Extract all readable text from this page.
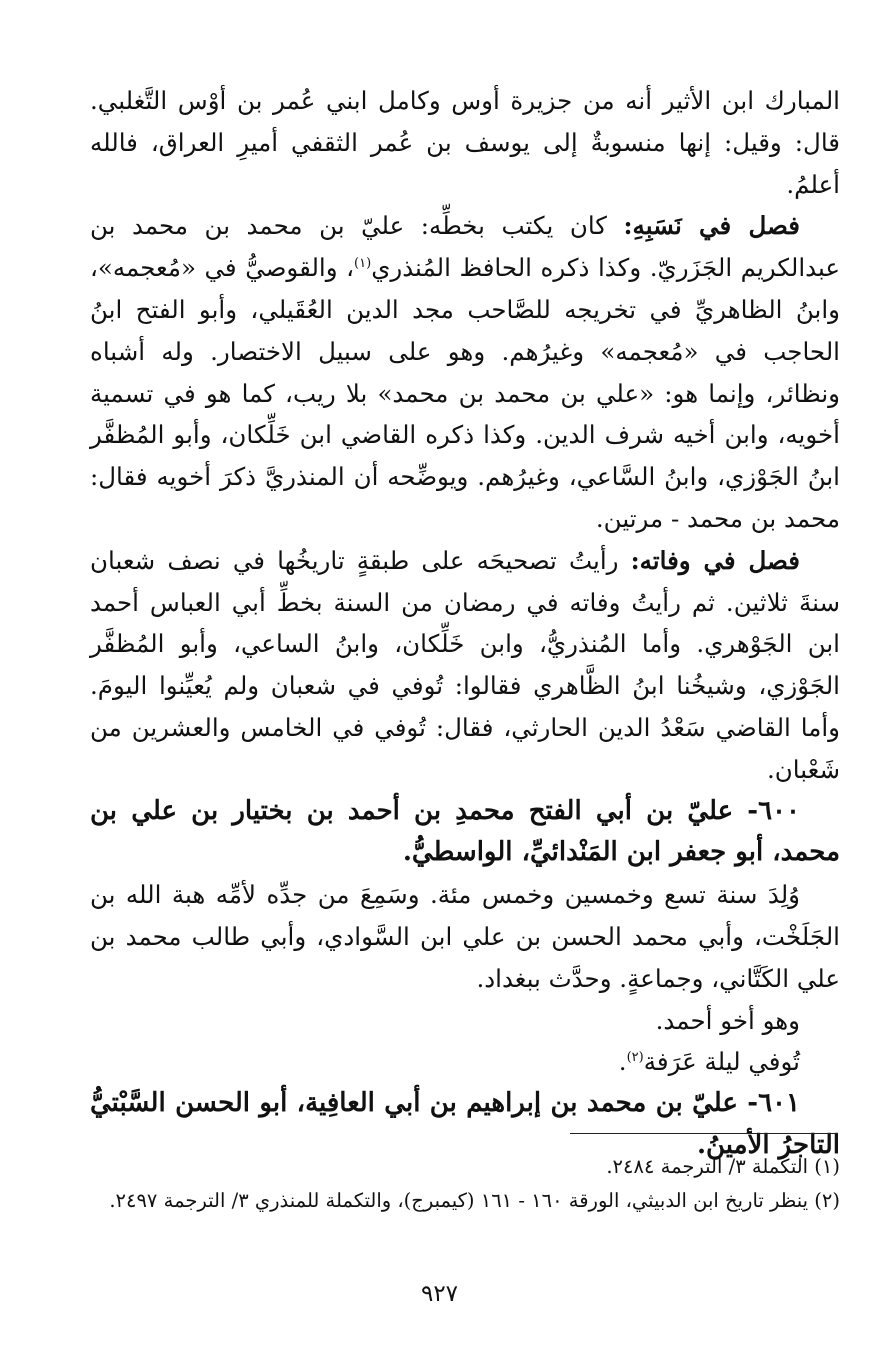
المبارك ابن الأثير أنه من جزيرة أوس وكامل ابني عُمر بن أوْس التَّغلبي. قال: وقيل: إنها منسوبةٌ إلى يوسف بن عُمر الثقفي أميرِ العراق، فالله أعلمُ.

فصل في نَسَبِهِ: كان يكتب بخطِّه: عليّ بن محمد بن محمد بن عبدالكريم الجَزَريّ. وكذا ذكره الحافظ المُنذري$^{(١)}$، والقوصيُّ في «مُعجمه»، وابنُ الظاهريِّ في تخريجه للصَّاحب مجد الدين العُقَيلي، وأبو الفتح ابنُ الحاجب في «مُعجمه» وغيرُهم. وهو على سبيل الاختصار. وله أشباه ونظائر، وإنما هو: «علي بن محمد بن محمد» بلا ريب، كما هو في تسمية أخويه، وابن أخيه شرف الدين. وكذا ذكره القاضي ابن خَلِّكان، وأبو المُظفَّر ابنُ الجَوْزي، وابنُ السَّاعي، وغيرُهم. ويوضِّحه أن المنذريَّ ذكرَ أخويه فقال: محمد بن محمد - مرتين.

فصل في وفاته: رأيتُ تصحيحَه على طبقةٍ تاريخُها في نصف شعبان سنةَ ثلاثين. ثم رأيتُ وفاته في رمضان من السنة بخطِّ أبي العباس أحمد ابن الجَوْهري. وأما المُنذريُّ، وابن خَلِّكان، وابنُ الساعي، وأبو المُظفَّر الجَوْزي، وشيخُنا ابنُ الظَّاهري فقالوا: تُوفي في شعبان ولم يُعيِّنوا اليومَ. وأما القاضي سَعْدُ الدين الحارثي، فقال: تُوفي في الخامس والعشرين من شَعْبان.

٦٠٠- عليّ بن أبي الفتح محمدِ بن أحمد بن بختيار بن علي بن محمد، أبو جعفر ابن المَنْدائيِّ، الواسطيُّ.

وُلِدَ سنة تسع وخمسين وخمس مئة. وسَمِعَ من جدِّه لأمِّه هبة الله بن الجَلَخْت، وأبي محمد الحسن بن علي ابن السَّوادي، وأبي طالب محمد بن علي الكَتَّاني، وجماعةٍ. وحدَّث ببغداد.

وهو أخو أحمد.

تُوفي ليلة عَرَفة$^{(٢)}$.

٦٠١- عليّ بن محمد بن إبراهيم بن أبي العافِية، أبو الحسن السَّبْتيُّ التاجرُ الأمينُ.

(١) التكملة ٣/ الترجمة ٢٤٨٤.

(٢) ينظر تاريخ ابن الدبيثي، الورقة ١٦٠ - ١٦١ (كيمبرج)، والتكملة للمنذري ٣/ الترجمة ٢٤٩٧.

٩٢٧
